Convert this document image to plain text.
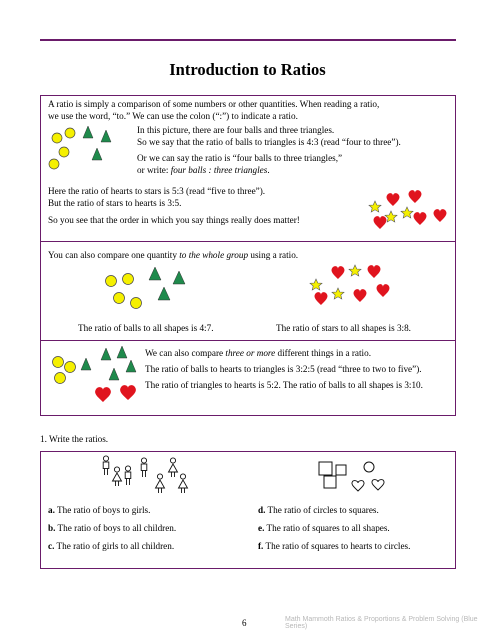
Introduction to Ratios
A ratio is simply a comparison of some numbers or other quantities. When reading a ratio,
we use the word, “to.” We can use the colon (“:”) to indicate a ratio.
In this picture, there are four balls and three triangles.
So we say that the ratio of balls to triangles is 4:3 (read “four to three”).
Or we can say the ratio is “four balls to three triangles,”
or write: four balls : three triangles.
Here the ratio of hearts to stars is 5:3 (read “five to three”).
But the ratio of stars to hearts is 3:5.
So you see that the order in which you say things really does matter!
You can also compare one quantity to the whole group using a ratio.
The ratio of balls to all shapes is 4:7.	The ratio of stars to all shapes is 3:8.
We can also compare three or more different things in a ratio.
The ratio of balls to hearts to triangles is 3:2:5 (read “three to two to five”).
The ratio of triangles to hearts is 5:2. The ratio of balls to all shapes is 3:10.
1. Write the ratios.
a. The ratio of boys to girls.
b. The ratio of boys to all children.
c. The ratio of girls to all children.
d. The ratio of circles to squares.
e. The ratio of squares to all shapes.
f. The ratio of squares to hearts to circles.
6	Math Mammoth Ratios & Proportions & Problem Solving (Blue Series)
